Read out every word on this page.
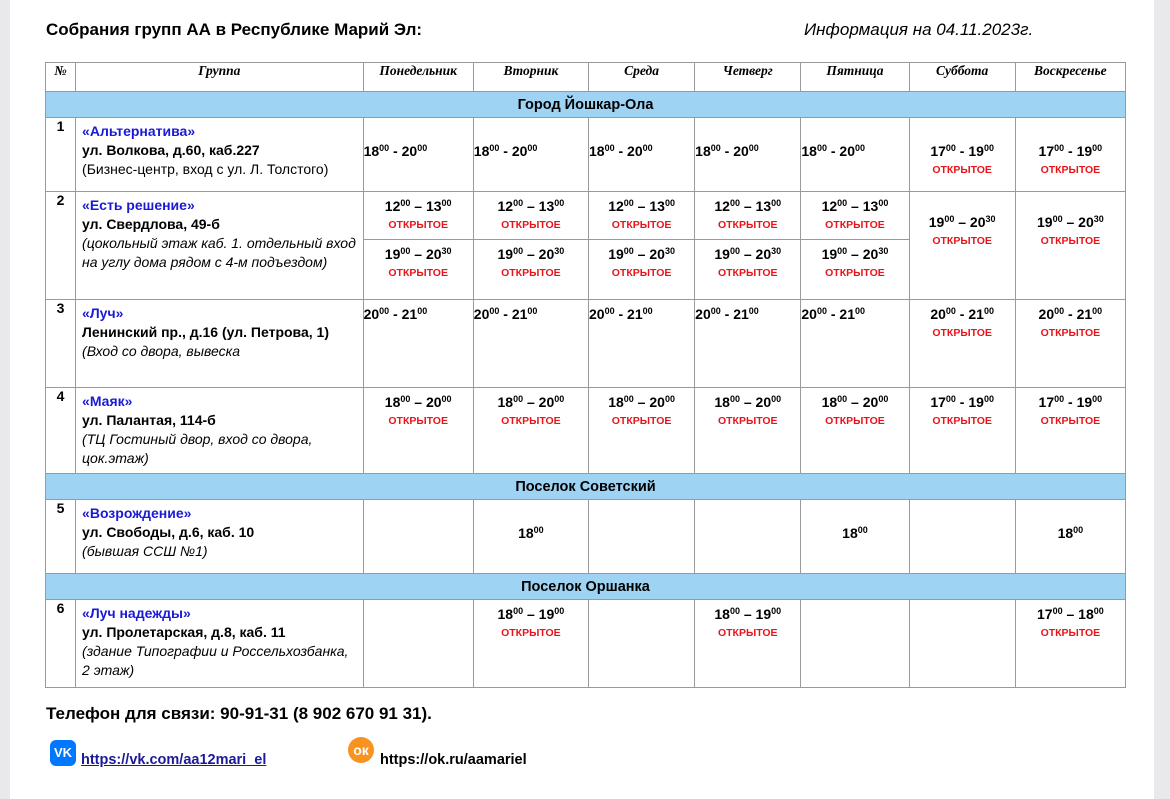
Собрания групп АА в Республике Марий Эл:	Информация на 04.11.2023г.
№	Группа	Понедельник	Вторник	Среда	Четверг	Пятница	Суббота	Воскресенье
Город Йошкар-Ола								
1	«Альтернатива»
ул. Волкова, д.60, каб.227
(Бизнес-центр, вход с ул. Л. Толстого)	$18^{00} - 20^{00}$	$18^{00} - 20^{00}$	$18^{00} - 20^{00}$	$18^{00} - 20^{00}$	$18^{00} - 20^{00}$	$17^{00} - 19^{00}$
ОТКРЫТОЕ	$17^{00} - 19^{00}$
ОТКРЫТОЕ

2	«Есть решение»
ул. Свердлова, 49-б
(цокольный этаж каб. 1. отдельный вход на углу дома рядом с 4-м подъездом)	$12^{00} - 13^{00}$
ОТКРЫТОЕ
$19^{00} - 20^{30}$
ОТКРЫТОЕ	$12^{00} - 13^{00}$
ОТКРЫТОЕ
$19^{00} - 20^{30}$
ОТКРЫТОЕ	$12^{00} - 13^{00}$
ОТКРЫТОЕ
$19^{00} - 20^{30}$
ОТКРЫТОЕ	$12^{00} - 13^{00}$
ОТКРЫТОЕ
$19^{00} - 20^{30}$
ОТКРЫТОЕ	$12^{00} - 13^{00}$
ОТКРЫТОЕ
$19^{00} - 20^{30}$
ОТКРЫТОЕ	$19^{00} - 20^{30}$
ОТКРЫТОЕ	$19^{00} - 20^{30}$
ОТКРЫТОЕ

3	«Луч»
Ленинский пр., д.16 (ул. Петрова, 1)
(Вход со двора, вывеска	$20^{00} - 21^{00}$	$20^{00} - 21^{00}$	$20^{00} - 21^{00}$	$20^{00} - 21^{00}$	$20^{00} - 21^{00}$	$20^{00} - 21^{00}$
ОТКРЫТОЕ	$20^{00} - 21^{00}$
ОТКРЫТОЕ

4	«Маяк»
ул. Палантая, 114-б
(ТЦ Гостиный двор, вход со двора, цок.этаж)	$18^{00} - 20^{00}$
ОТКРЫТОЕ	$18^{00} - 20^{00}$
ОТКРЫТОЕ	$18^{00} - 20^{00}$
ОТКРЫТОЕ	$18^{00} - 20^{00}$
ОТКРЫТОЕ	$18^{00} - 20^{00}$
ОТКРЫТОЕ	$17^{00} - 19^{00}$
ОТКРЫТОЕ	$17^{00} - 19^{00}$
ОТКРЫТОЕ

Поселок Советский								
5	«Возрождение»
ул. Свободы, д.6, каб. 10
(бывшая ССШ №1)		$18^{00}$			$18^{00}$		$18^{00}$
Поселок Оршанка								
6	«Луч надежды»
ул. Пролетарская, д.8, каб. 11
(здание Типографии и Россельхозбанка, 2 этаж)		$18^{00} - 19^{00}$
ОТКРЫТОЕ		$18^{00} - 19^{00}$
ОТКРЫТОЕ			$17^{00} - 18^{00}$
ОТКРЫТОЕ
Телефон для связи: 90-91-31 (8 902 670 91 31).
VK https://vk.com/aa12mari_el
ок
https://ok.ru/aamariel
